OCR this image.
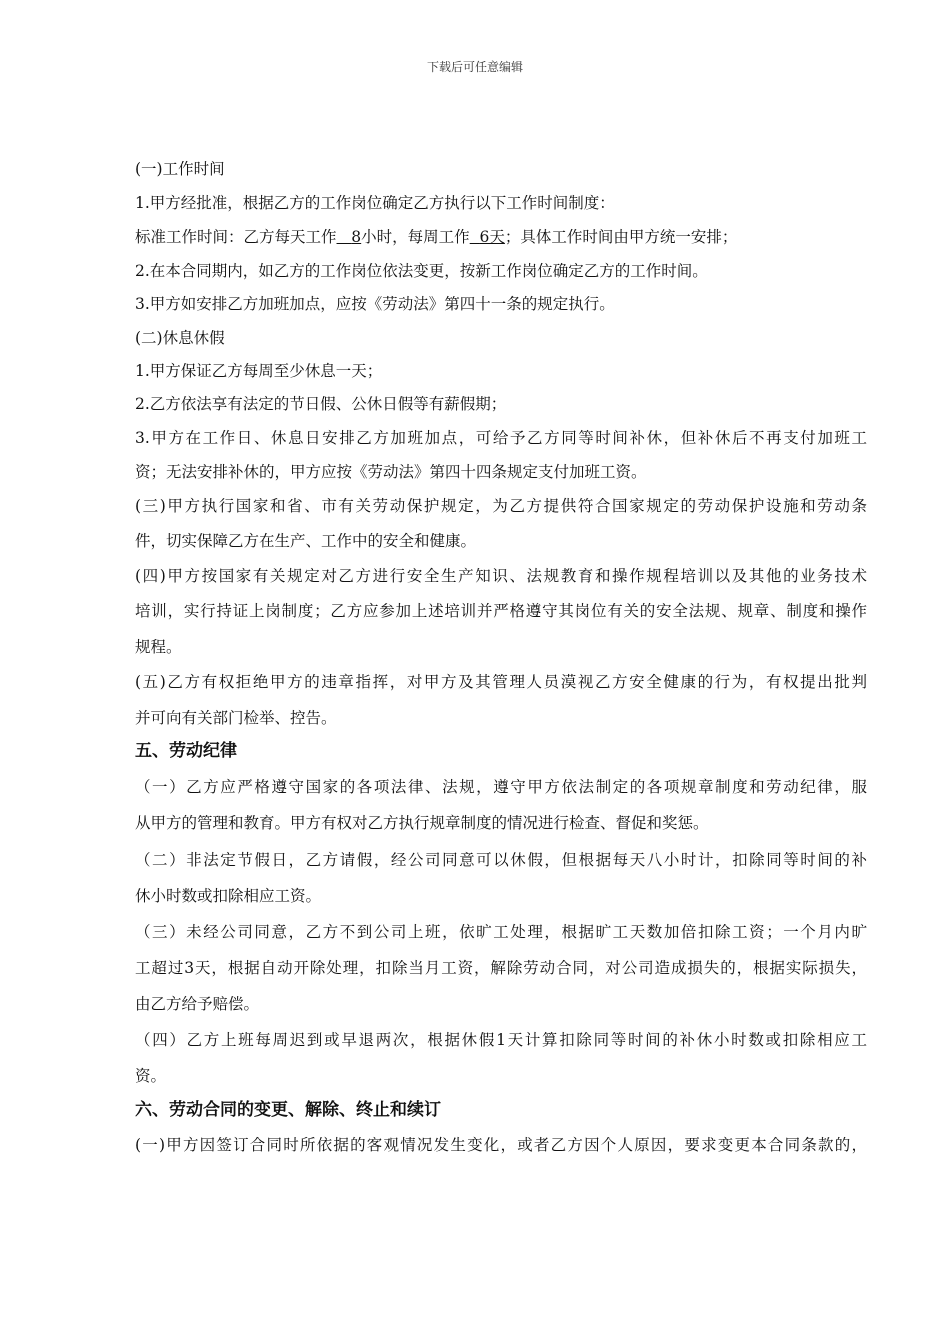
下载后可任意编辑
(一)工作时间
1.甲方经批准，根据乙方的工作岗位确定乙方执行以下工作时间制度：
标准工作时间：乙方每天工作 8小时，每周工作 6天；具体工作时间由甲方统一安排；
2.在本合同期内，如乙方的工作岗位依法变更，按新工作岗位确定乙方的工作时间。
3.甲方如安排乙方加班加点，应按《劳动法》第四十一条的规定执行。
(二)休息休假
1.甲方保证乙方每周至少休息一天；
2.乙方依法享有法定的节日假、公休日假等有薪假期；
3.甲方在工作日、休息日安排乙方加班加点，可给予乙方同等时间补休，但补休后不再支付加班工
资；无法安排补休的，甲方应按《劳动法》第四十四条规定支付加班工资。
(三)甲方执行国家和省、市有关劳动保护规定，为乙方提供符合国家规定的劳动保护设施和劳动条
件，切实保障乙方在生产、工作中的安全和健康。
(四)甲方按国家有关规定对乙方进行安全生产知识、法规教育和操作规程培训以及其他的业务技术
培训，实行持证上岗制度；乙方应参加上述培训并严格遵守其岗位有关的安全法规、规章、制度和操作
规程。
(五)乙方有权拒绝甲方的违章指挥，对甲方及其管理人员漠视乙方安全健康的行为，有权提出批判
并可向有关部门检举、控告。
五、劳动纪律
（一）乙方应严格遵守国家的各项法律、法规，遵守甲方依法制定的各项规章制度和劳动纪律，服
从甲方的管理和教育。甲方有权对乙方执行规章制度的情况进行检查、督促和奖惩。
（二）非法定节假日，乙方请假，经公司同意可以休假，但根据每天八小时计，扣除同等时间的补
休小时数或扣除相应工资。
（三）未经公司同意，乙方不到公司上班，依旷工处理，根据旷工天数加倍扣除工资；一个月内旷
工超过3天，根据自动开除处理，扣除当月工资，解除劳动合同，对公司造成损失的，根据实际损失，
由乙方给予赔偿。
（四）乙方上班每周迟到或早退两次，根据休假1天计算扣除同等时间的补休小时数或扣除相应工
资。
六、劳动合同的变更、解除、终止和续订
(一)甲方因签订合同时所依据的客观情况发生变化，或者乙方因个人原因，要求变更本合同条款的，
